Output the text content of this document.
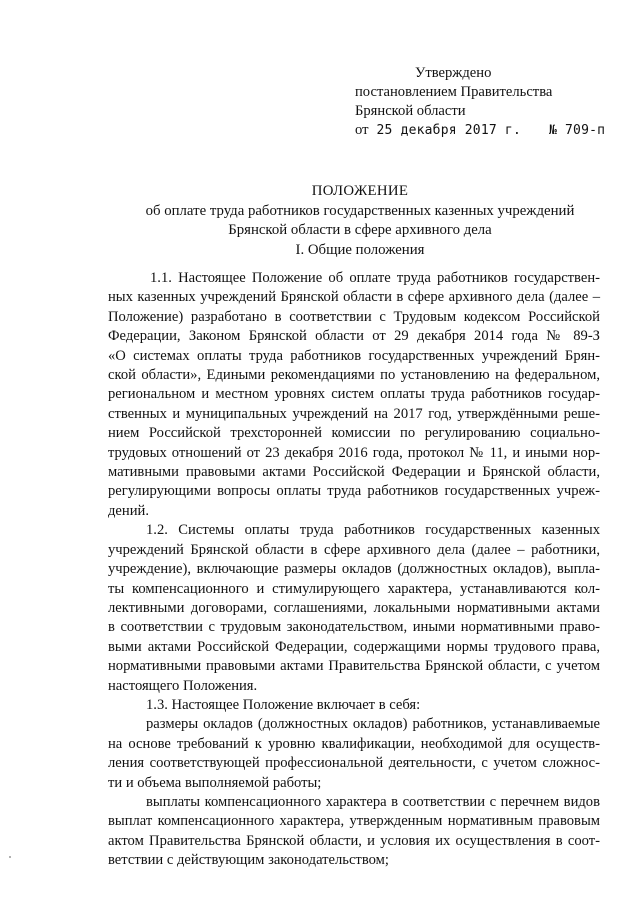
Утверждено
постановлением Правительства
Брянской области
от 25 декабря 2017 г. № 709-п
ПОЛОЖЕНИЕ
об оплате труда работников государственных казенных учреждений
Брянской области в сфере архивного дела
I. Общие положения
1.1. Настоящее Положение об оплате труда работников государствен-
ных казенных учреждений Брянской области в сфере архивного дела (далее –
Положение) разработано в соответствии с Трудовым кодексом Российской
Федерации, Законом Брянской области от 29 декабря 2014 года № 89-З
«О системах оплаты труда работников государственных учреждений Брян-
ской области», Едиными рекомендациями по установлению на федеральном,
региональном и местном уровнях систем оплаты труда работников государ-
ственных и муниципальных учреждений на 2017 год, утверждёнными реше-
нием Российской трехсторонней комиссии по регулированию социально-
трудовых отношений от 23 декабря 2016 года, протокол № 11, и иными нор-
мативными правовыми актами Российской Федерации и Брянской области,
регулирующими вопросы оплаты труда работников государственных учреж-
дений.
1.2. Системы оплаты труда работников государственных казенных
учреждений Брянской области в сфере архивного дела (далее – работники,
учреждение), включающие размеры окладов (должностных окладов), выпла-
ты компенсационного и стимулирующего характера, устанавливаются кол-
лективными договорами, соглашениями, локальными нормативными актами
в соответствии с трудовым законодательством, иными нормативными право-
выми актами Российской Федерации, содержащими нормы трудового права,
нормативными правовыми актами Правительства Брянской области, с учетом
настоящего Положения.
1.3. Настоящее Положение включает в себя:
размеры окладов (должностных окладов) работников, устанавливаемые
на основе требований к уровню квалификации, необходимой для осуществ-
ления соответствующей профессиональной деятельности, с учетом сложнос-
ти и объема выполняемой работы;
выплаты компенсационного характера в соответствии с перечнем видов
выплат компенсационного характера, утвержденным нормативным правовым
актом Правительства Брянской области, и условия их осуществления в соот-
ветствии с действующим законодательством;
